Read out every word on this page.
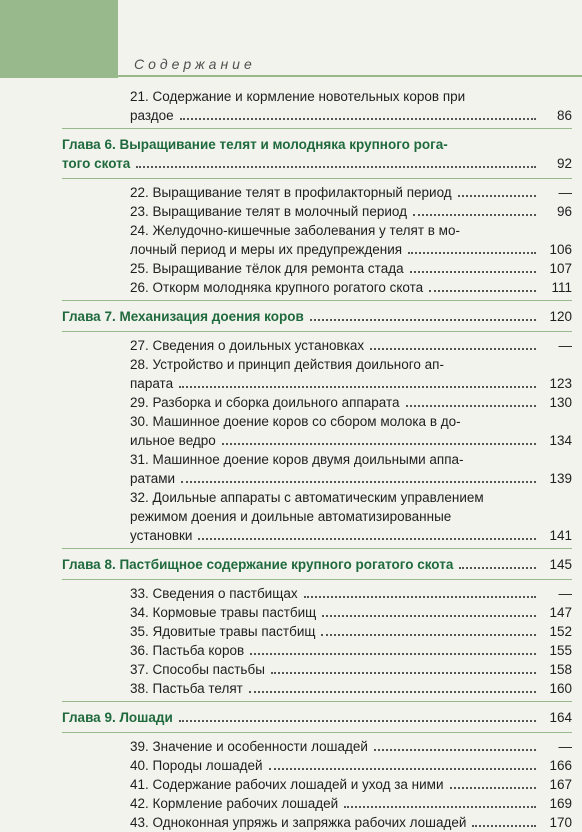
Содержание
21. Содержание и кормление новотельных коров при
раздое	86
Глава 6. Выращивание телят и молодняка крупного рога-
того скота	92
22. Выращивание телят в профилакторный период	—
23. Выращивание телят в молочный период	96
24. Желудочно-кишечные заболевания у телят в мо-
лочный период и меры их предупреждения	106
25. Выращивание тёлок для ремонта стада	107
26. Откорм молодняка крупного рогатого скота	111
Глава 7. Механизация доения коров	120
27. Сведения о доильных установках	—
28. Устройство и принцип действия доильного ап-
парата	123
29. Разборка и сборка доильного аппарата	130
30. Машинное доение коров со сбором молока в до-
ильное ведро	134
31. Машинное доение коров двумя доильными аппа-
ратами	139
32. Доильные аппараты с автоматическим управлением
режимом доения и доильные автоматизированные
установки	141
Глава 8. Пастбищное содержание крупного рогатого скота	145
33. Сведения о пастбищах	—
34. Кормовые травы пастбищ	147
35. Ядовитые травы пастбищ	152
36. Пастьба коров	155
37. Способы пастьбы	158
38. Пастьба телят	160
Глава 9. Лошади	164
39. Значение и особенности лошадей	—
40. Породы лошадей	166
41. Содержание рабочих лошадей и уход за ними	167
42. Кормление рабочих лошадей	169
43. Одноконная упряжь и запряжка рабочих лошадей	170
